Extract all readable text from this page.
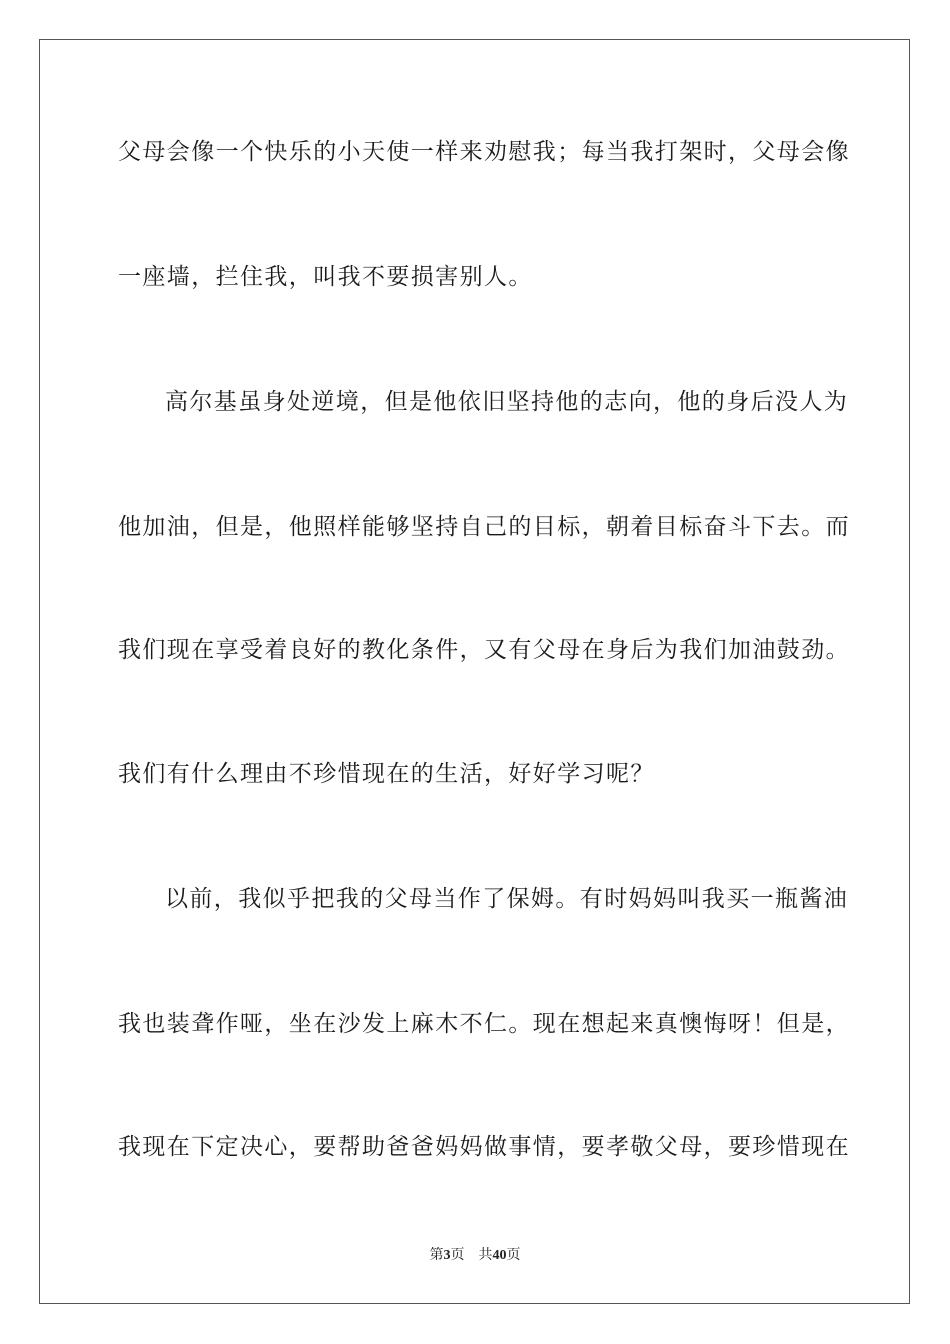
父母会像一个快乐的小天使一样来劝慰我；每当我打架时，父母会像
一座墙，拦住我，叫我不要损害别人。
高尔基虽身处逆境，但是他依旧坚持他的志向，他的身后没人为
他加油，但是，他照样能够坚持自己的目标，朝着目标奋斗下去。而
我们现在享受着良好的教化条件，又有父母在身后为我们加油鼓劲。
我们有什么理由不珍惜现在的生活，好好学习呢？
以前，我似乎把我的父母当作了保姆。有时妈妈叫我买一瓶酱油
我也装聋作哑，坐在沙发上麻木不仁。现在想起来真懊悔呀！但是，
我现在下定决心，要帮助爸爸妈妈做事情，要孝敬父母，要珍惜现在
第3页 共40页
